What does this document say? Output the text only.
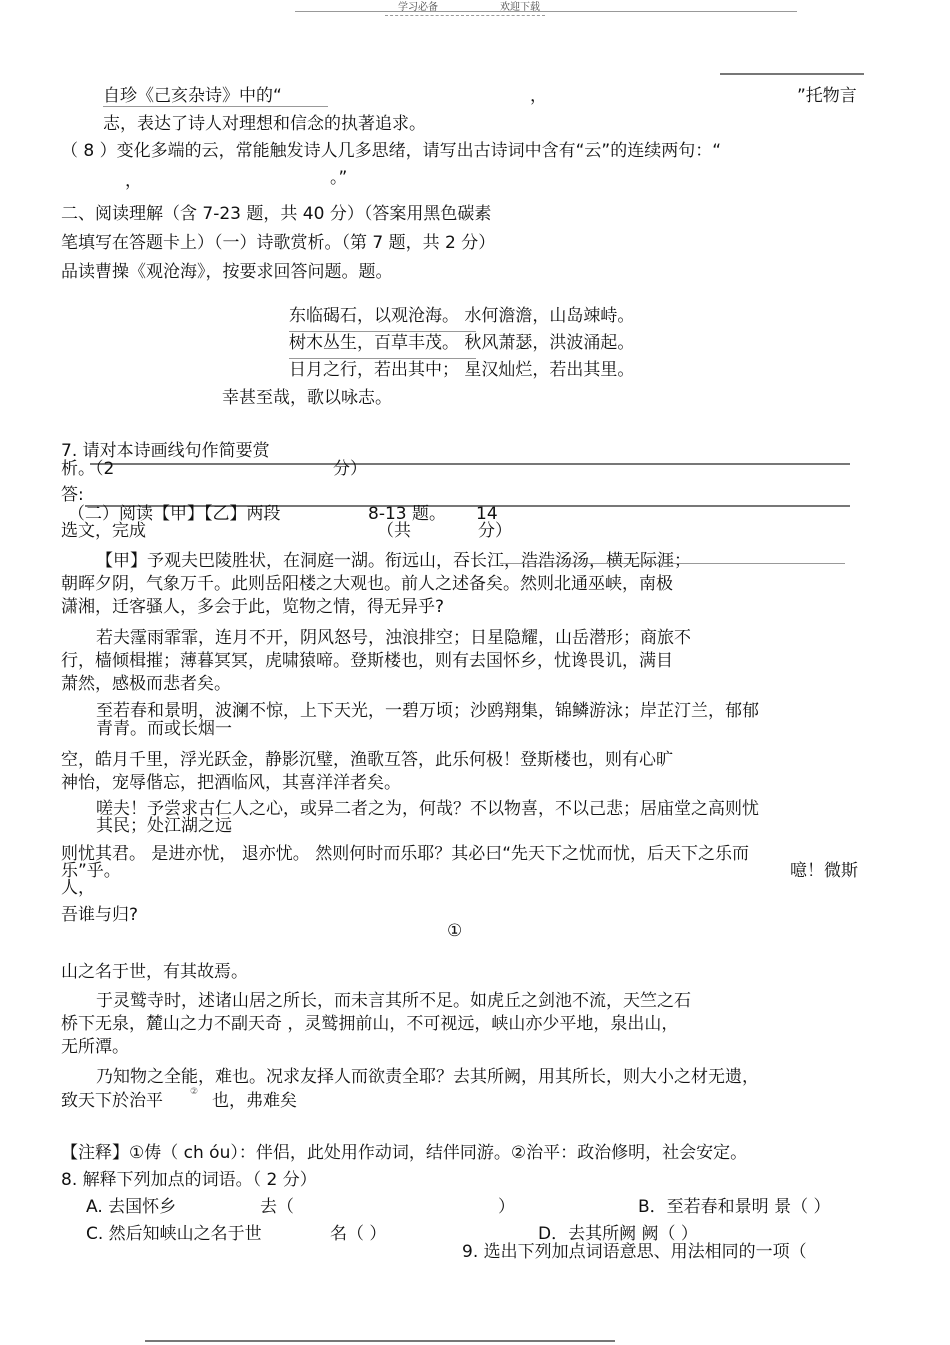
学习必备	欢迎下载
自珍《己亥杂诗》中的“	，	”托物言
志，表达了诗人对理想和信念的执著追求。
（ 8 ）变化多端的云，常能触发诗人几多思绪，请写出古诗词中含有“云”的连续两句：“
，	。”
二、阅读理解（含 7-23 题，共 40 分）（答案用黑色碳素
笔填写在答题卡上）（一）诗歌赏析。（第 7 题，共 2 分）
品读曹操《观沧海》，按要求回答问题。题。
东临碣石，以观沧海。 水何澹澹，山岛竦峙。
树木丛生，百草丰茂。 秋风萧瑟，洪波涌起。
日月之行，若出其中； 星汉灿烂，若出其里。
幸甚至哉，歌以咏志。
7. 请对本诗画线句作简要赏
析。（2	分）
答:
（二）阅读【甲】【乙】两段	8-13 题。 14
选文，完成	（共	分）
【甲】予观夫巴陵胜状，在洞庭一湖。衔远山，吞长江，浩浩汤汤，横无际涯；
朝晖夕阴，气象万千。此则岳阳楼之大观也。前人之述备矣。然则北通巫峡，南极
潇湘，迁客骚人，多会于此，览物之情，得无异乎?
若夫霪雨霏霏，连月不开，阴风怒号，浊浪排空；日星隐耀，山岳潜形；商旅不
行，樯倾楫摧；薄暮冥冥，虎啸猿啼。登斯楼也，则有去国怀乡，忧谗畏讥，满目
萧然，感极而悲者矣。
至若春和景明，波澜不惊，上下天光，一碧万顷；沙鸥翔集，锦鳞游泳；岸芷汀兰，郁郁
青青。而或长烟一
空，皓月千里，浮光跃金，静影沉璧，渔歌互答，此乐何极！登斯楼也，则有心旷
神怡，宠辱偕忘，把酒临风，其喜洋洋者矣。
嗟夫！予尝求古仁人之心，或异二者之为，何哉？不以物喜，不以己悲；居庙堂之高则忧
其民；处江湖之远
则忧其君。 是进亦忧， 退亦忧。 然则何时而乐耶？其必曰“先天下之忧而忧，后天下之乐而
乐”乎。	噫！微斯
人，
吾谁与归?
①
山之名于世，有其故焉。
于灵鹫寺时，述诸山居之所长，而未言其所不足。如虎丘之剑池不流，天竺之石
桥下无泉，麓山之力不副天奇 ，灵鹫拥前山，不可视远，峡山亦少平地，泉出山，
无所潭。
乃知物之全能，难也。况求友择人而欲责全耶？去其所阙，用其所长，则大小之材无遗，
致天下於治平	② 也，弗难矣
【注释】①俦（ ch óu）：伴侣，此处用作动词，结伴同游。②治平：政治修明，社会安定。
8. 解释下列加点的词语。（ 2 分）
A. 去国怀乡	去（	）	B．至若春和景明 景（ ）
C. 然后知峡山之名于世	名（ ）	D．去其所阙 阙（ ）
9. 选出下列加点词语意思、用法相同的一项（
